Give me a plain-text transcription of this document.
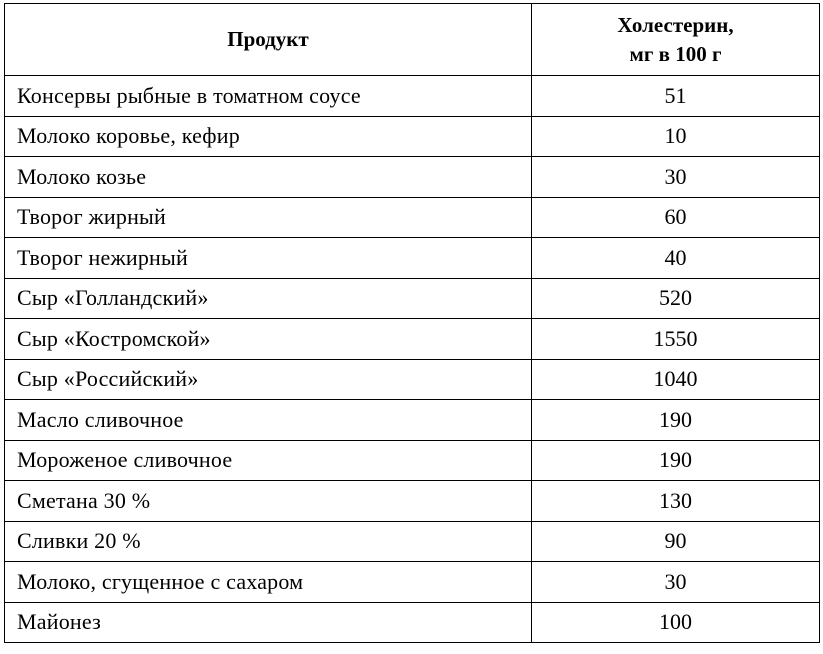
Продукт	Холестерин,
мг в 100 г

Консервы рыбные в томатном соусе	51
Молоко коровье, кефир	10
Молоко козье	30
Творог жирный	60
Творог нежирный	40
Сыр «Голландский»	520
Сыр «Костромской»	1550
Сыр «Российский»	1040
Масло сливочное	190
Мороженое сливочное	190
Сметана 30 %	130
Сливки 20 %	90
Молоко, сгущенное с сахаром	30
Майонез	100
